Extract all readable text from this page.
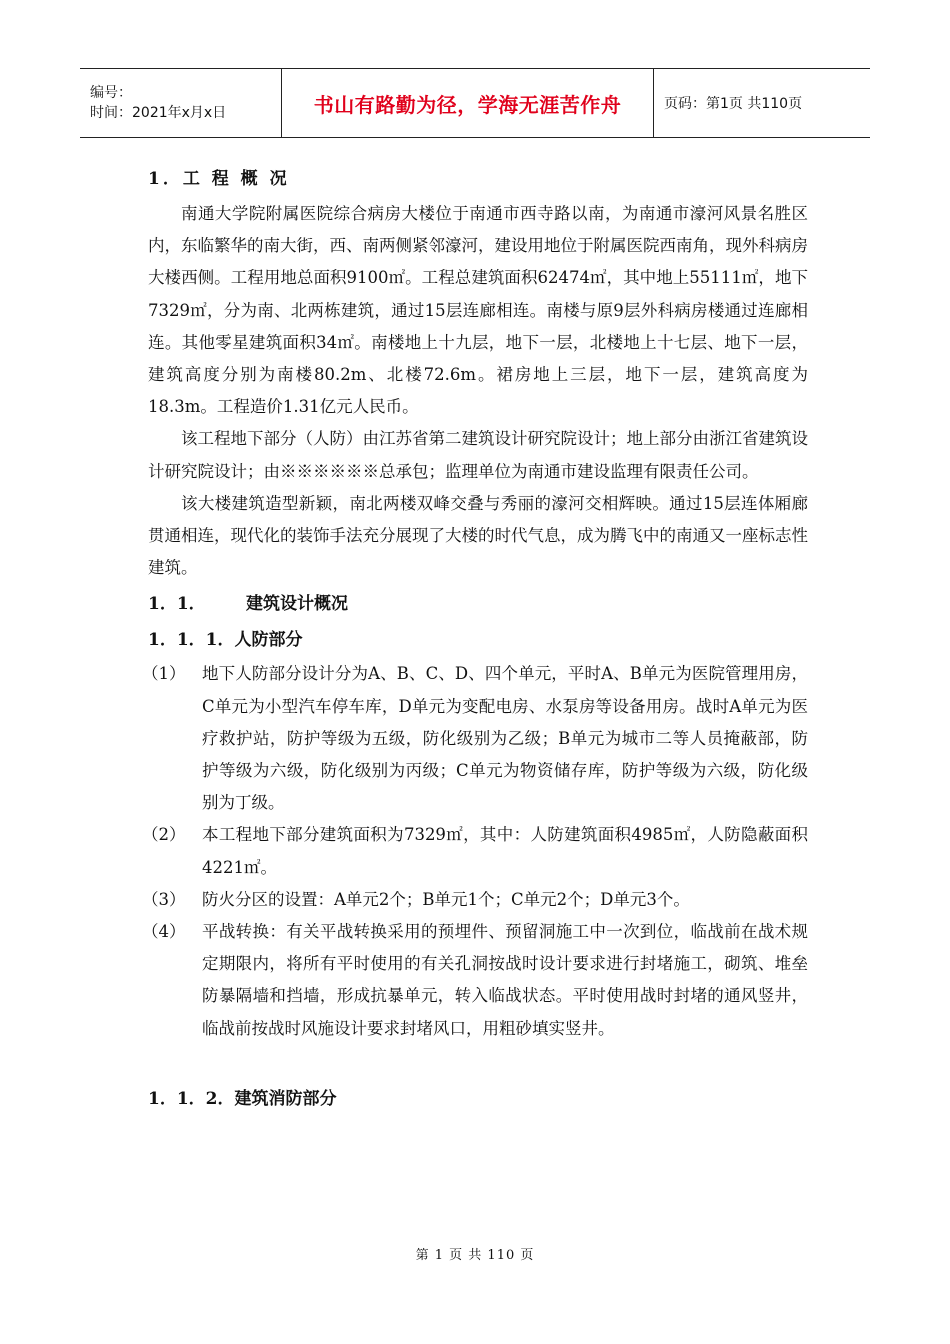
编号：
时间：2021年x月x日	书山有路勤为径，学海无涯苦作舟	页码：第1页 共110页
1．工 程 概 况

南通大学院附属医院综合病房大楼位于南通市西寺路以南，为南通市濠河风景名胜区内，东临繁华的南大街，西、南两侧紧邻濠河，建设用地位于附属医院西南角，现外科病房大楼西侧。工程用地总面积9100㎡。工程总建筑面积62474㎡，其中地上55111㎡，地下7329㎡，分为南、北两栋建筑，通过15层连廊相连。南楼与原9层外科病房楼通过连廊相连。其他零星建筑面积34㎡。南楼地上十九层，地下一层，北楼地上十七层、地下一层，建筑高度分别为南楼80.2m、北楼72.6m。裙房地上三层，地下一层，建筑高度为18.3m。工程造价1.31亿元人民币。

该工程地下部分（人防）由江苏省第二建筑设计研究院设计；地上部分由浙江省建筑设计研究院设计；由※※※※※※总承包；监理单位为南通市建设监理有限责任公司。

该大楼建筑造型新颖，南北两楼双峰交叠与秀丽的濠河交相辉映。通过15层连体厢廊贯通相连，现代化的装饰手法充分展现了大楼的时代气息，成为腾飞中的南通又一座标志性建筑。

1．1． 建筑设计概况
1．1．1．人防部分
（1）	地下人防部分设计分为A、B、C、D、四个单元，平时A、B单元为医院管理用房，C单元为小型汽车停车库，D单元为变配电房、水泵房等设备用房。战时A单元为医疗救护站，防护等级为五级，防化级别为乙级；B单元为城市二等人员掩蔽部，防护等级为六级，防化级别为丙级；C单元为物资储存库，防护等级为六级，防化级别为丁级。
（2）	本工程地下部分建筑面积为7329㎡，其中：人防建筑面积4985㎡，人防隐蔽面积4221㎡。
（3）	防火分区的设置：A单元2个；B单元1个；C单元2个；D单元3个。
（4）	平战转换：有关平战转换采用的预埋件、预留洞施工中一次到位，临战前在战术规定期限内，将所有平时使用的有关孔洞按战时设计要求进行封堵施工，砌筑、堆垒防暴隔墙和挡墙，形成抗暴单元，转入临战状态。平时使用战时封堵的通风竖井，临战前按战时风施设计要求封堵风口，用粗砂填实竖井。
1．1．2．建筑消防部分
第 1 页 共 110 页
